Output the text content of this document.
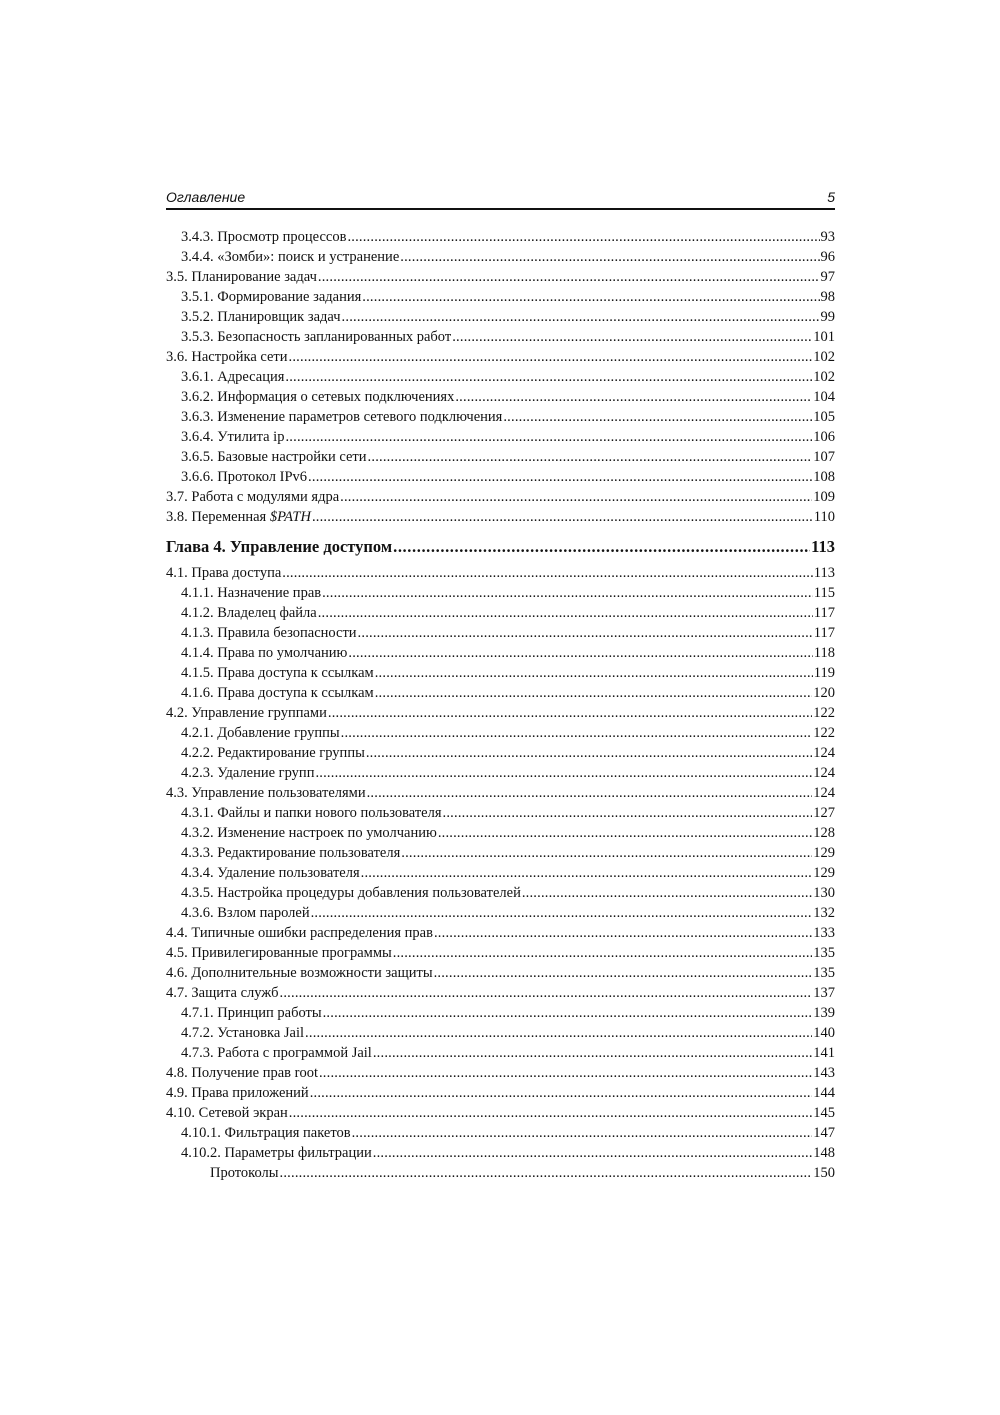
Оглавление	5
3.4.3. Просмотр процессов .....	93
3.4.4. «Зомби»: поиск и устранение .....	96
3.5. Планирование задач .....	97
3.5.1. Формирование задания .....	98
3.5.2. Планировщик задач .....	99
3.5.3. Безопасность запланированных работ .....	101
3.6. Настройка сети .....	102
3.6.1. Адресация .....	102
3.6.2. Информация о сетевых подключениях .....	104
3.6.3. Изменение параметров сетевого подключения .....	105
3.6.4. Утилита ip .....	106
3.6.5. Базовые настройки сети .....	107
3.6.6. Протокол IPv6 .....	108
3.7. Работа с модулями ядра .....	109
3.8. Переменная $PATH .....	110
Глава 4. Управление доступом .....	113
4.1. Права доступа .....	113
4.1.1. Назначение прав .....	115
4.1.2. Владелец файла .....	117
4.1.3. Правила безопасности .....	117
4.1.4. Права по умолчанию .....	118
4.1.5. Права доступа к ссылкам .....	119
4.1.6. Права доступа к ссылкам .....	120
4.2. Управление группами .....	122
4.2.1. Добавление группы .....	122
4.2.2. Редактирование группы .....	124
4.2.3. Удаление групп .....	124
4.3. Управление пользователями .....	124
4.3.1. Файлы и папки нового пользователя .....	127
4.3.2. Изменение настроек по умолчанию .....	128
4.3.3. Редактирование пользователя .....	129
4.3.4. Удаление пользователя .....	129
4.3.5. Настройка процедуры добавления пользователей .....	130
4.3.6. Взлом паролей .....	132
4.4. Типичные ошибки распределения прав .....	133
4.5. Привилегированные программы .....	135
4.6. Дополнительные возможности защиты .....	135
4.7. Защита служб .....	137
4.7.1. Принцип работы .....	139
4.7.2. Установка Jail .....	140
4.7.3. Работа с программой Jail .....	141
4.8. Получение прав root .....	143
4.9. Права приложений .....	144
4.10. Сетевой экран .....	145
4.10.1. Фильтрация пакетов .....	147
4.10.2. Параметры фильтрации .....	148
Протоколы .....	150
